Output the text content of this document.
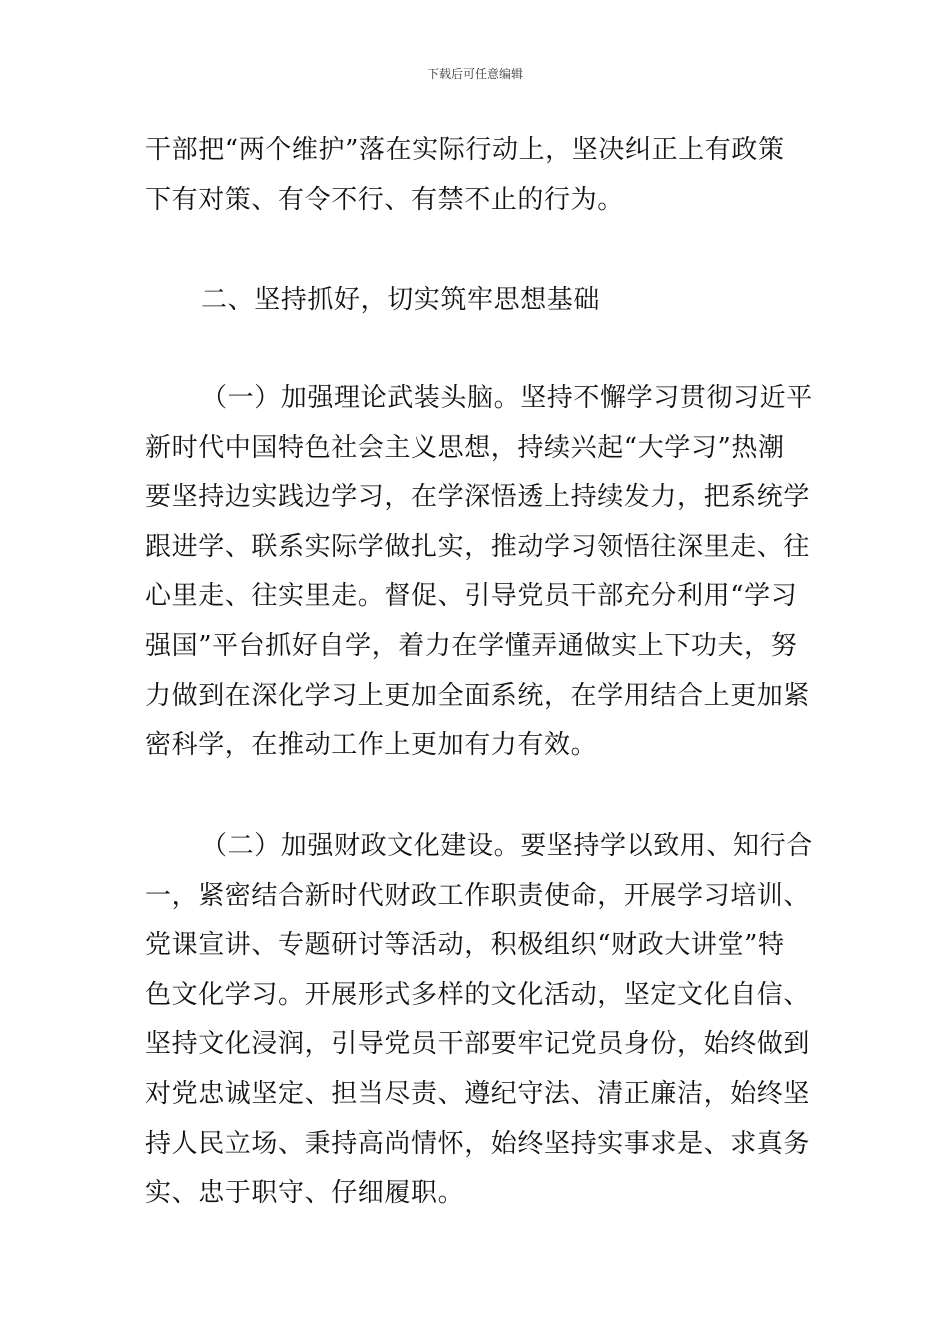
下载后可任意编辑

干部把“两个维护”落在实际行动上，坚决纠正上有政策
下有对策、有令不行、有禁不止的行为。

二、坚持抓好，切实筑牢思想基础

（一）加强理论武装头脑。坚持不懈学习贯彻习近平
新时代中国特色社会主义思想，持续兴起“大学习”热潮
要坚持边实践边学习，在学深悟透上持续发力，把系统学
跟进学、联系实际学做扎实，推动学习领悟往深里走、往
心里走、往实里走。督促、引导党员干部充分利用“学习
强国”平台抓好自学，着力在学懂弄通做实上下功夫，努
力做到在深化学习上更加全面系统，在学用结合上更加紧
密科学，在推动工作上更加有力有效。

（二）加强财政文化建设。要坚持学以致用、知行合
一，紧密结合新时代财政工作职责使命，开展学习培训、
党课宣讲、专题研讨等活动，积极组织“财政大讲堂”特
色文化学习。开展形式多样的文化活动，坚定文化自信、
坚持文化浸润，引导党员干部要牢记党员身份，始终做到
对党忠诚坚定、担当尽责、遵纪守法、清正廉洁，始终坚
持人民立场、秉持高尚情怀，始终坚持实事求是、求真务
实、忠于职守、仔细履职。
